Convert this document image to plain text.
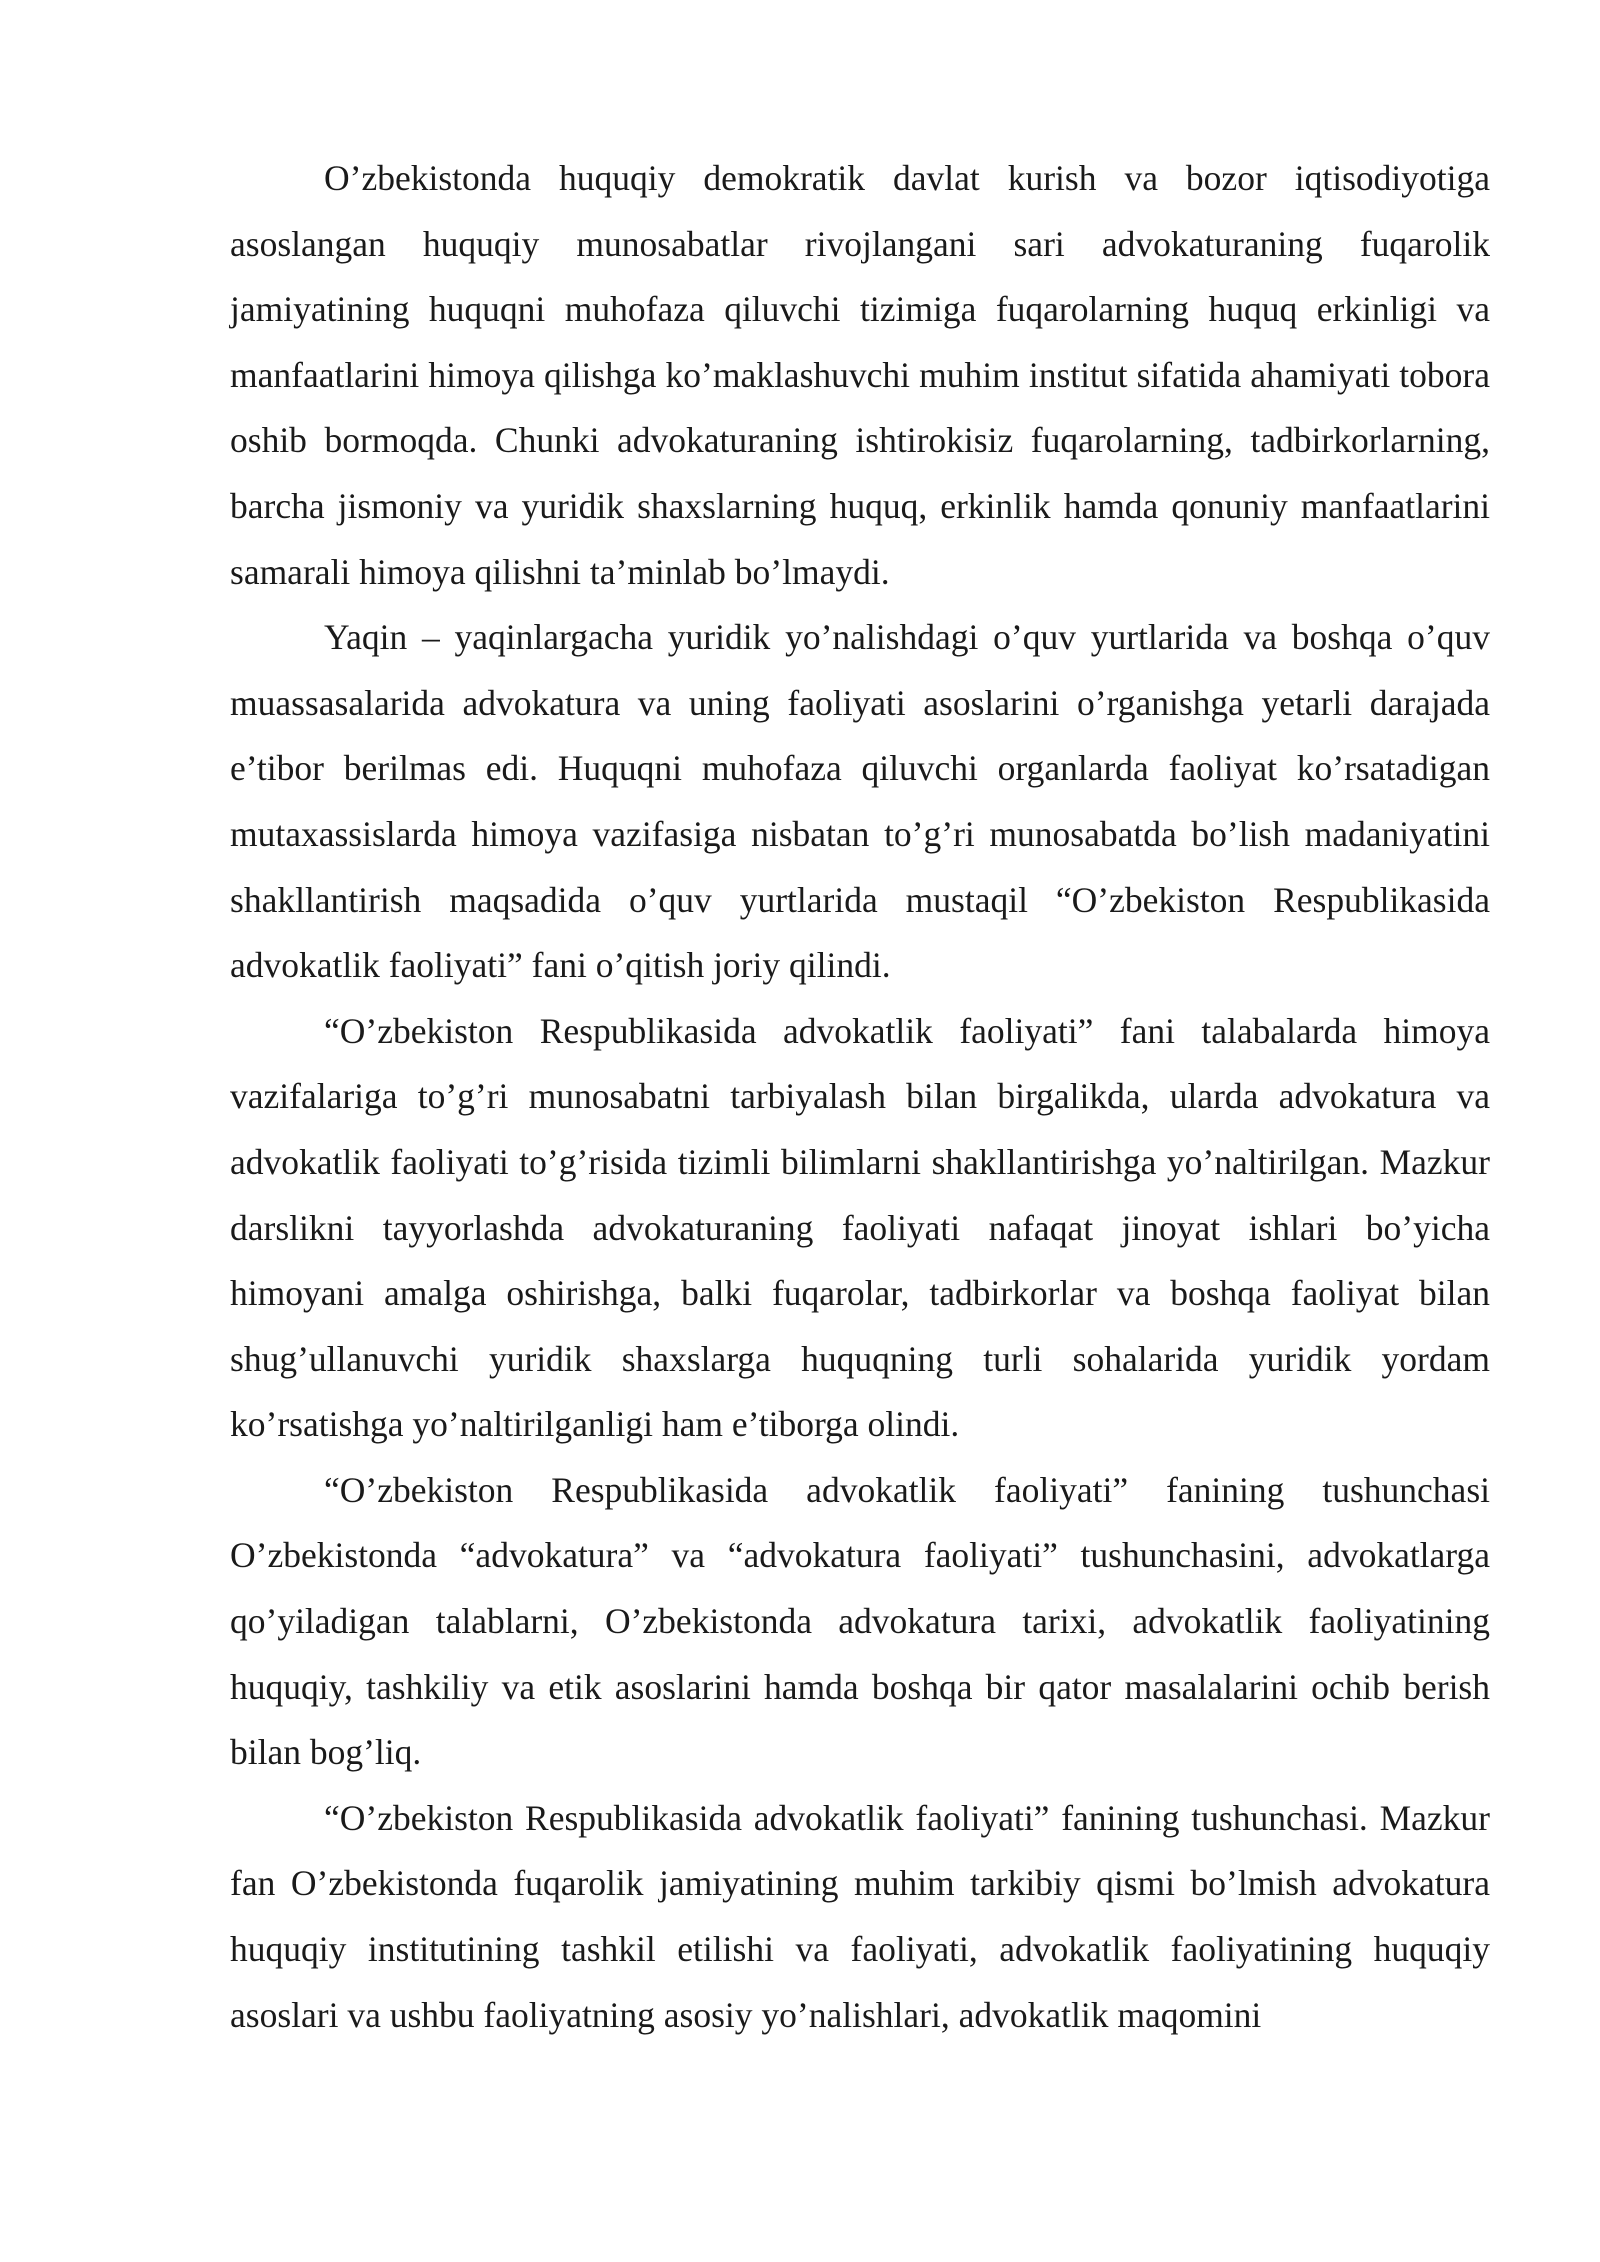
O’zbekistonda huquqiy demokratik davlat kurish va bozor iqtisodiyotiga asoslangan huquqiy munosabatlar rivojlangani sari advokaturaning fuqarolik jamiyatining huquqni muhofaza qiluvchi tizimiga fuqarolarning huquq erkinligi va manfaatlarini himoya qilishga ko’maklashuvchi muhim institut sifatida ahamiyati tobora oshib bormoqda. Chunki advokaturaning ishtirokisiz fuqarolarning, tadbirkorlarning, barcha jismoniy va yuridik shaxslarning huquq, erkinlik hamda qonuniy manfaatlarini samarali himoya qilishni ta’minlab bo’lmaydi.

Yaqin – yaqinlargacha yuridik yo’nalishdagi o’quv yurtlarida va boshqa o’quv muassasalarida advokatura va uning faoliyati asoslarini o’rganishga yetarli darajada e’tibor berilmas edi. Huquqni muhofaza qiluvchi organlarda faoliyat ko’rsatadigan mutaxassislarda himoya vazifasiga nisbatan to’g’ri munosabatda bo’lish madaniyatini shakllantirish maqsadida o’quv yurtlarida mustaqil “O’zbekiston Respublikasida advokatlik faoliyati” fani o’qitish joriy qilindi.

“O’zbekiston Respublikasida advokatlik faoliyati” fani talabalarda himoya vazifalariga to’g’ri munosabatni tarbiyalash bilan birgalikda, ularda advokatura va advokatlik faoliyati to’g’risida tizimli bilimlarni shakllantirishga yo’naltirilgan. Mazkur darslikni tayyorlashda advokaturaning faoliyati nafaqat jinoyat ishlari bo’yicha himoyani amalga oshirishga, balki fuqarolar, tadbirkorlar va boshqa faoliyat bilan shug’ullanuvchi yuridik shaxslarga huquqning turli sohalarida yuridik yordam ko’rsatishga yo’naltirilganligi ham e’tiborga olindi.

“O’zbekiston Respublikasida advokatlik faoliyati” fanining tushunchasi O’zbekistonda “advokatura” va “advokatura faoliyati” tushunchasini, advokatlarga qo’yiladigan talablarni, O’zbekistonda advokatura tarixi, advokatlik faoliyatining huquqiy, tashkiliy va etik asoslarini hamda boshqa bir qator masalalarini ochib berish bilan bog’liq.

“O’zbekiston Respublikasida advokatlik faoliyati” fanining tushunchasi. Mazkur fan O’zbekistonda fuqarolik jamiyatining muhim tarkibiy qismi bo’lmish advokatura huquqiy institutining tashkil etilishi va faoliyati, advokatlik faoliyatining huquqiy asoslari va ushbu faoliyatning asosiy yo’nalishlari, advokatlik maqomini
